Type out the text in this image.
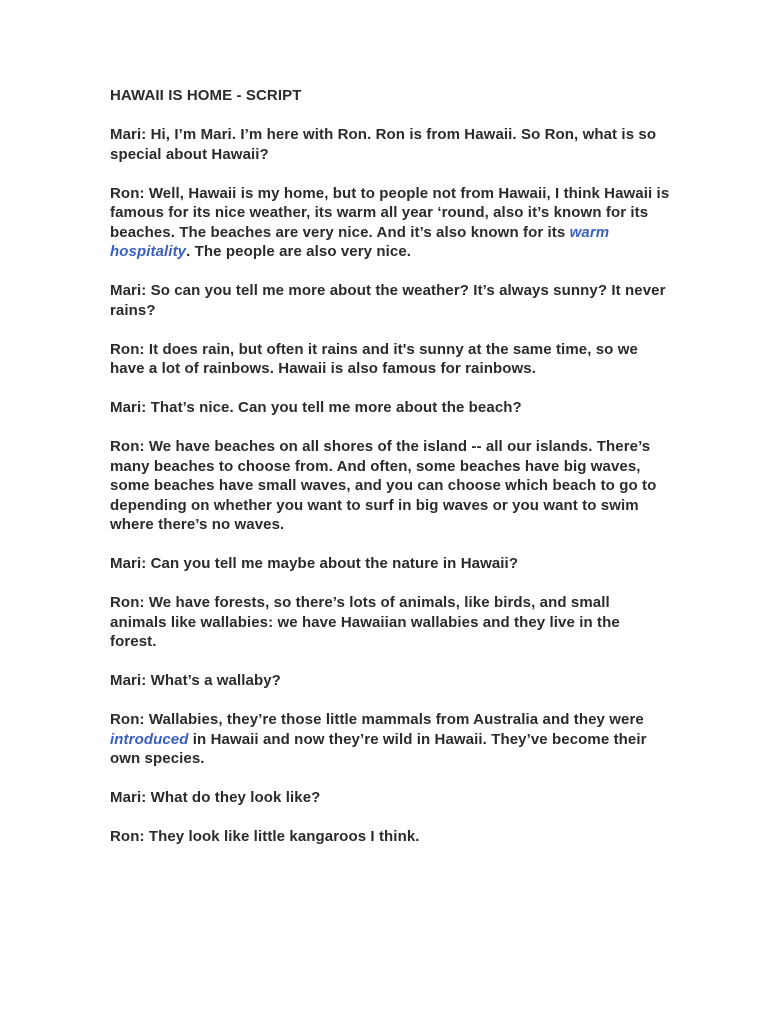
HAWAII IS HOME - SCRIPT

Mari: Hi, I’m Mari. I’m here with Ron. Ron is from Hawaii. So Ron, what is so special about Hawaii?

Ron: Well, Hawaii is my home, but to people not from Hawaii, I think Hawaii is famous for its nice weather, its warm all year ‘round, also it’s known for its beaches. The beaches are very nice. And it’s also known for its warm hospitality. The people are also very nice.

Mari: So can you tell me more about the weather? It’s always sunny? It never rains?

Ron: It does rain, but often it rains and it's sunny at the same time, so we have a lot of rainbows. Hawaii is also famous for rainbows.

Mari: That’s nice. Can you tell me more about the beach?

Ron: We have beaches on all shores of the island -- all our islands. There’s many beaches to choose from. And often, some beaches have big waves, some beaches have small waves, and you can choose which beach to go to depending on whether you want to surf in big waves or you want to swim where there’s no waves.

Mari: Can you tell me maybe about the nature in Hawaii?

Ron: We have forests, so there’s lots of animals, like birds, and small animals like wallabies: we have Hawaiian wallabies and they live in the forest.

Mari: What’s a wallaby?

Ron: Wallabies, they’re those little mammals from Australia and they were introduced in Hawaii and now they’re wild in Hawaii. They’ve become their own species.

Mari: What do they look like?

Ron: They look like little kangaroos I think.
